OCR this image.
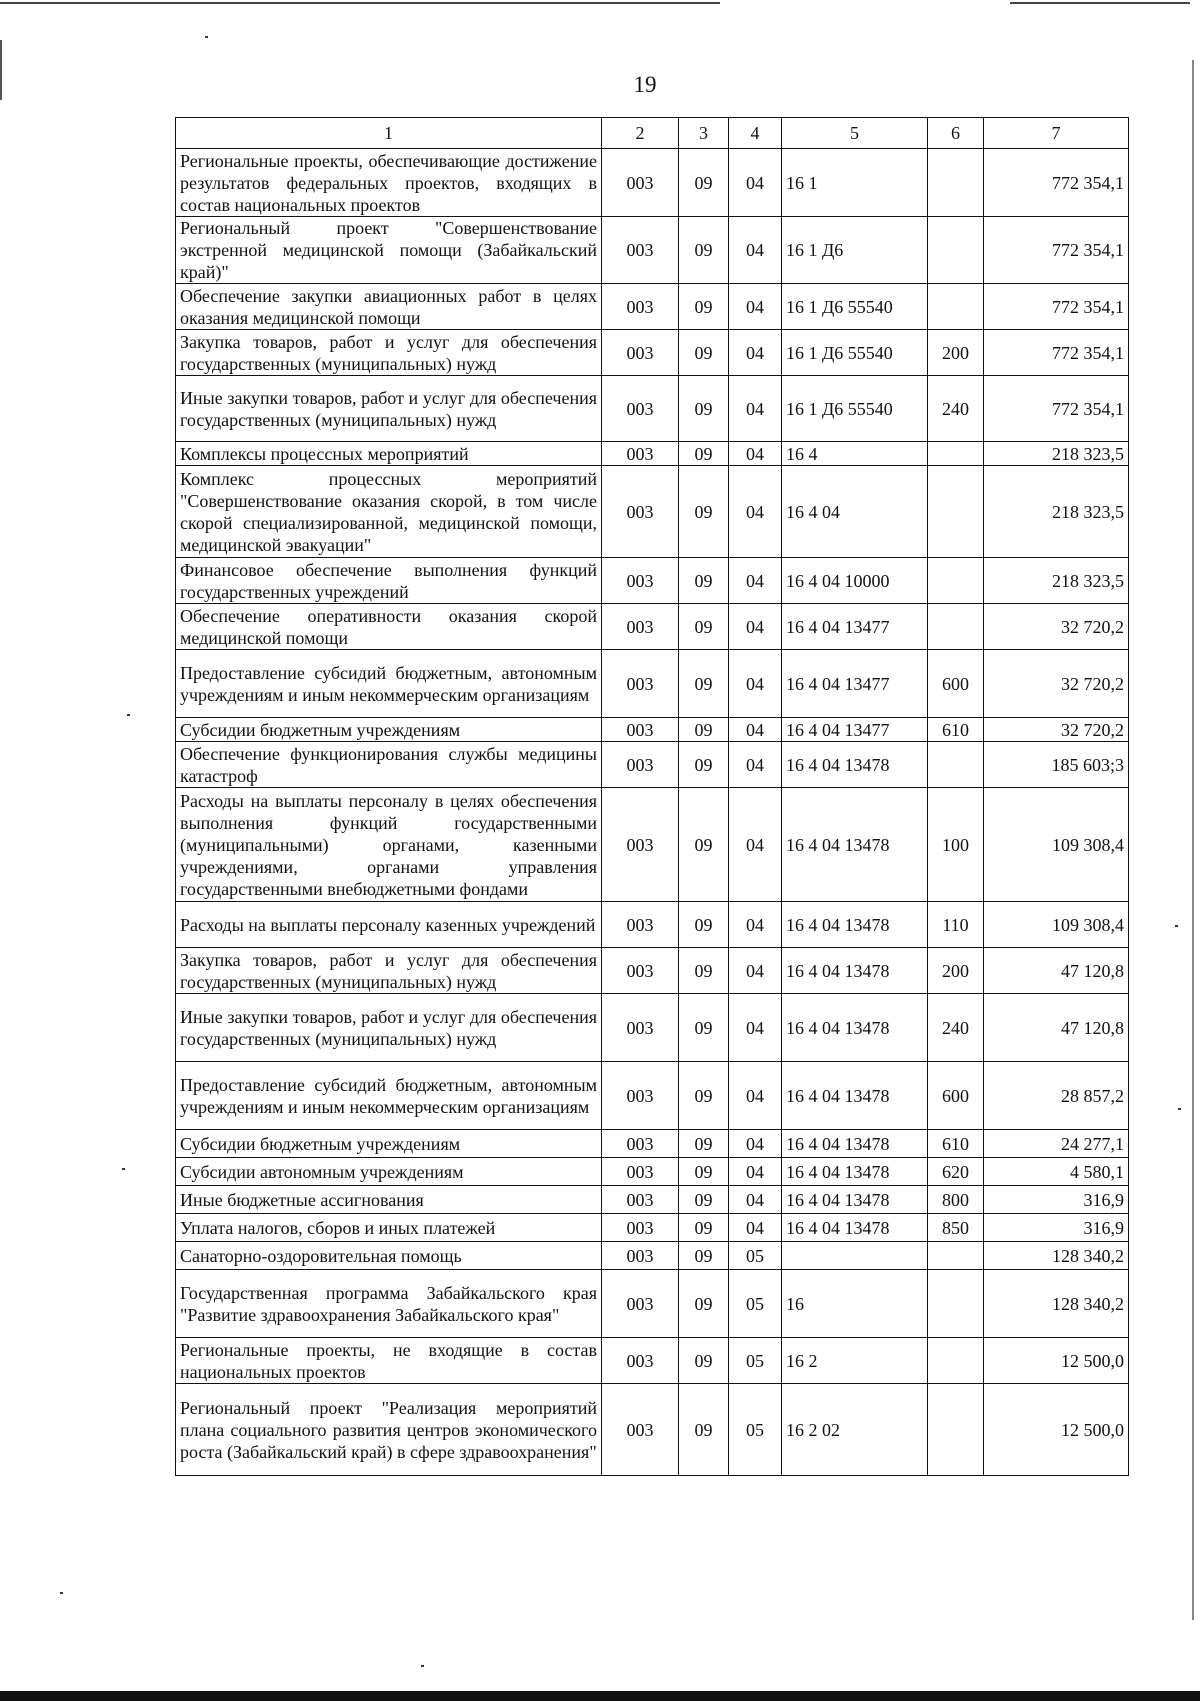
19
1	2	3	4	5	6	7
Региональные проекты, обеспечивающие достижение результатов федеральных проектов, входящих в состав национальных проектов	003	09	04	16 1		772 354,1
Региональный проект "Совершенствование экстренной медицинской помощи (Забайкальский край)"	003	09	04	16 1 Д6		772 354,1
Обеспечение закупки авиационных работ в целях оказания медицинской помощи	003	09	04	16 1 Д6 55540		772 354,1
Закупка товаров, работ и услуг для обеспечения государственных (муниципальных) нужд	003	09	04	16 1 Д6 55540	200	772 354,1
Иные закупки товаров, работ и услуг для обеспечения государственных (муниципальных) нужд	003	09	04	16 1 Д6 55540	240	772 354,1
Комплексы процессных мероприятий	003	09	04	16 4		218 323,5
Комплекс процессных мероприятий "Совершенствование оказания скорой, в том числе скорой специализированной, медицинской помощи, медицинской эвакуации"	003	09	04	16 4 04		218 323,5
Финансовое обеспечение выполнения функций государственных учреждений	003	09	04	16 4 04 10000		218 323,5
Обеспечение оперативности оказания скорой медицинской помощи	003	09	04	16 4 04 13477		32 720,2
Предоставление субсидий бюджетным, автономным учреждениям и иным некоммерческим организациям	003	09	04	16 4 04 13477	600	32 720,2
Субсидии бюджетным учреждениям	003	09	04	16 4 04 13477	610	32 720,2
Обеспечение функционирования службы медицины катастроф	003	09	04	16 4 04 13478		185 603;3
Расходы на выплаты персоналу в целях обеспечения выполнения функций государственными (муниципальными) органами, казенными учреждениями, органами управления государственными внебюджетными фондами	003	09	04	16 4 04 13478	100	109 308,4
Расходы на выплаты персоналу казенных учреждений	003	09	04	16 4 04 13478	110	109 308,4
Закупка товаров, работ и услуг для обеспечения государственных (муниципальных) нужд	003	09	04	16 4 04 13478	200	47 120,8
Иные закупки товаров, работ и услуг для обеспечения государственных (муниципальных) нужд	003	09	04	16 4 04 13478	240	47 120,8
Предоставление субсидий бюджетным, автономным учреждениям и иным некоммерческим организациям	003	09	04	16 4 04 13478	600	28 857,2
Субсидии бюджетным учреждениям	003	09	04	16 4 04 13478	610	24 277,1
Субсидии автономным учреждениям	003	09	04	16 4 04 13478	620	4 580,1
Иные бюджетные ассигнования	003	09	04	16 4 04 13478	800	316,9
Уплата налогов, сборов и иных платежей	003	09	04	16 4 04 13478	850	316,9
Санаторно-оздоровительная помощь	003	09	05			128 340,2
Государственная программа Забайкальского края "Развитие здравоохранения Забайкальского края"	003	09	05	16		128 340,2
Региональные проекты, не входящие в состав национальных проектов	003	09	05	16 2		12 500,0
Региональный проект "Реализация мероприятий плана социального развития центров экономического роста (Забайкальский край) в сфере здравоохранения"	003	09	05	16 2 02		12 500,0
